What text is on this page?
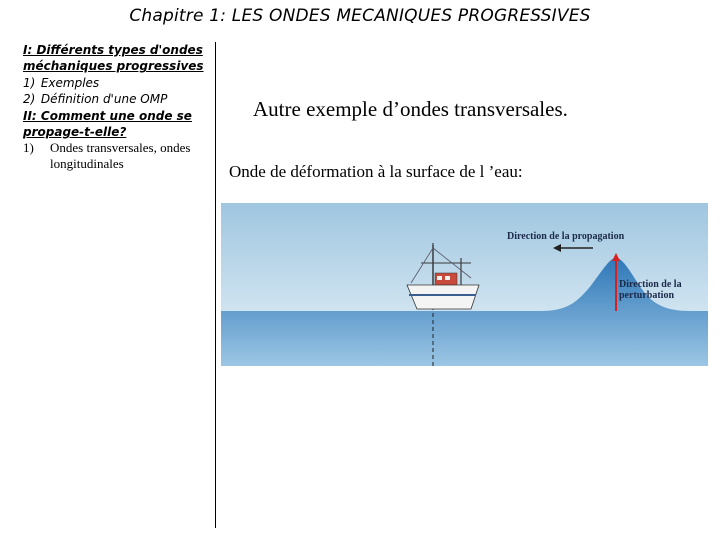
Chapitre 1: LES ONDES MECANIQUES PROGRESSIVES
I: Différents types d'ondes méchaniques progressives
1) Exemples
2) Définition d'une OMP
II: Comment une onde se propage-t-elle?
1) Ondes transversales, ondes longitudinales
Autre exemple d’ondes transversales.
Onde de déformation à la surface de l ’eau:
Direction de la propagation
Direction de la perturbation
